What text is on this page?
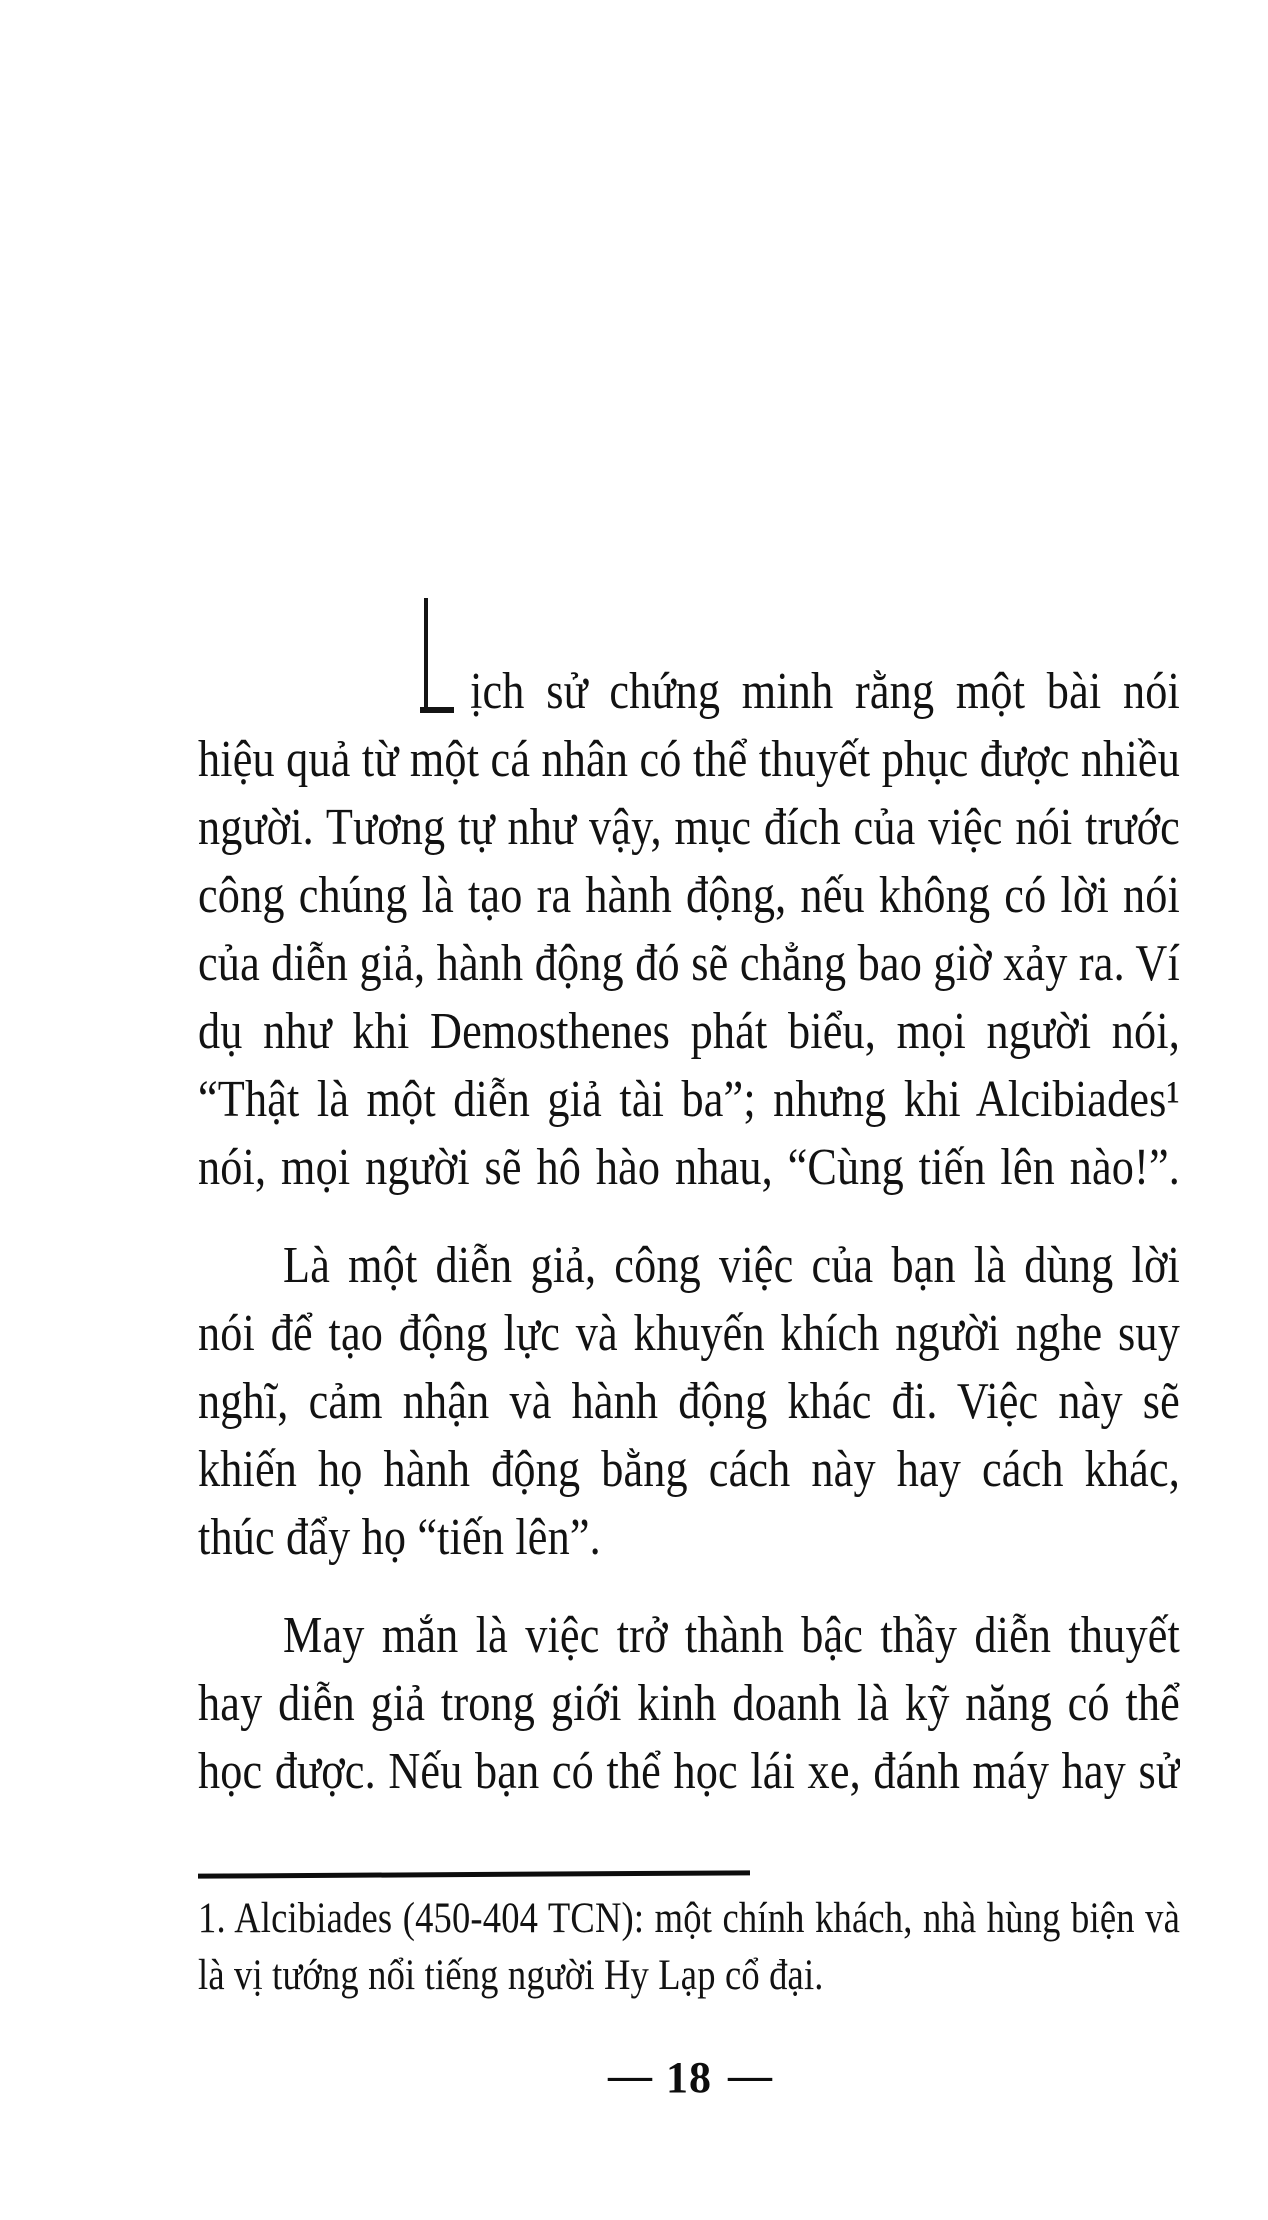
ịch sử chứng minh rằng một bài nói
hiệu quả từ một cá nhân có thể thuyết phục được nhiều
người. Tương tự như vậy, mục đích của việc nói trước
công chúng là tạo ra hành động, nếu không có lời nói
của diễn giả, hành động đó sẽ chẳng bao giờ xảy ra. Ví
dụ như khi Demosthenes phát biểu, mọi người nói,
“Thật là một diễn giả tài ba”; nhưng khi Alcibiades¹
nói, mọi người sẽ hô hào nhau, “Cùng tiến lên nào!”.
Là một diễn giả, công việc của bạn là dùng lời
nói để tạo động lực và khuyến khích người nghe suy
nghĩ, cảm nhận và hành động khác đi. Việc này sẽ
khiến họ hành động bằng cách này hay cách khác,
thúc đẩy họ “tiến lên”.
May mắn là việc trở thành bậc thầy diễn thuyết
hay diễn giả trong giới kinh doanh là kỹ năng có thể
học được. Nếu bạn có thể học lái xe, đánh máy hay sử
1. Alcibiades (450-404 TCN): một chính khách, nhà hùng biện và
là vị tướng nổi tiếng người Hy Lạp cổ đại.
— 18 —
